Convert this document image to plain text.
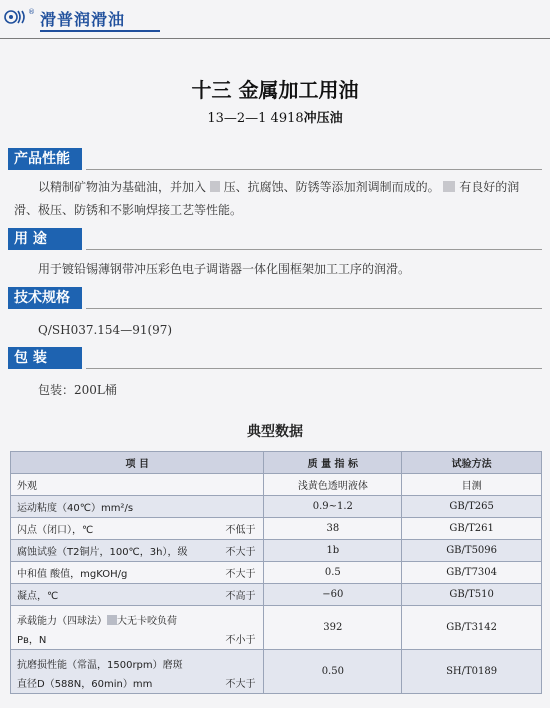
® 滑普润滑油
十三 金属加工用油
13—2—1 4918冲压油
产品性能
以精制矿物油为基础油，并加入  压、抗腐蚀、防锈等添加剂调制而成的。  有良好的润
滑、极压、防锈和不影响焊接工艺等性能。
用 途
用于镀铅锡薄钢带冲压彩色电子调谐器一体化围框架加工工序的润滑。
技术规格
Q/SH037.154—91(97)
包 装
包装：200L桶
典型数据
项 目	质 量 指 标	试验方法
外观	浅黄色透明液体	目测
运动粘度（40℃）mm²/s	0.9~1.2	GB/T265
闪点（闭口），℃ 不低于	38	GB/T261
腐蚀试验（T2铜片，100℃，3h），级 不大于	1b	GB/T5096
中和值 酸值，mgKOH/g 不大于	0.5	GB/T7304
凝点，℃ 不高于	−60	GB/T510

承载能力（四球法） 大无卡咬负荷
Pв，N 不小于	392	GB/T3142

抗磨损性能（常温，1500rpm）磨斑
直径D（588N，60min）mm 不大于	0.50	SH/T0189
